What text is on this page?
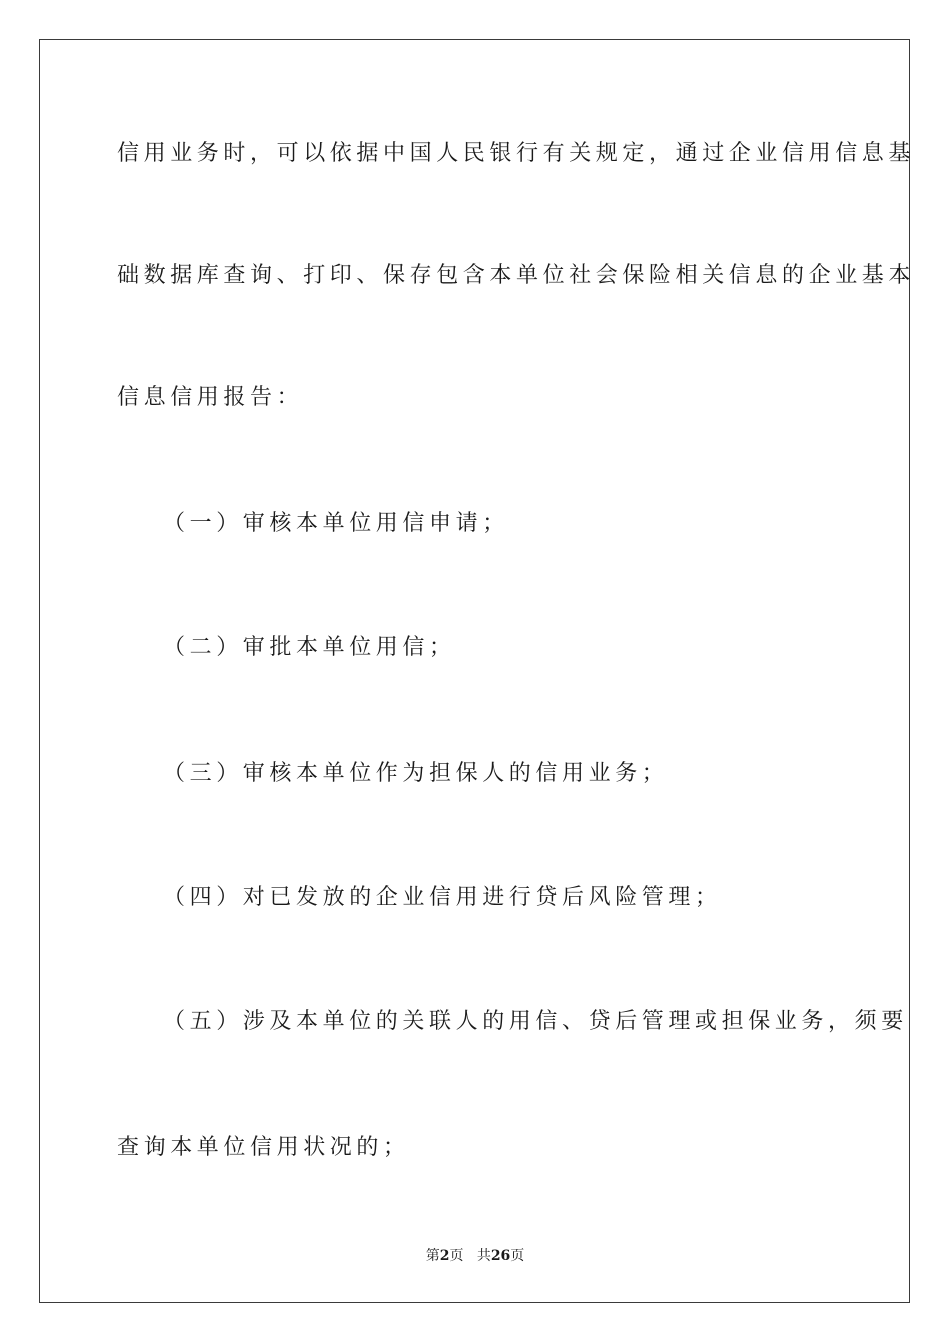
信用业务时，可以依据中国人民银行有关规定，通过企业信用信息基
础数据库查询、打印、保存包含本单位社会保险相关信息的企业基本
信息信用报告：
（一）审核本单位用信申请；
（二）审批本单位用信；
（三）审核本单位作为担保人的信用业务；
（四）对已发放的企业信用进行贷后风险管理；
（五）涉及本单位的关联人的用信、贷后管理或担保业务，须要
查询本单位信用状况的；
第2页 共26页
